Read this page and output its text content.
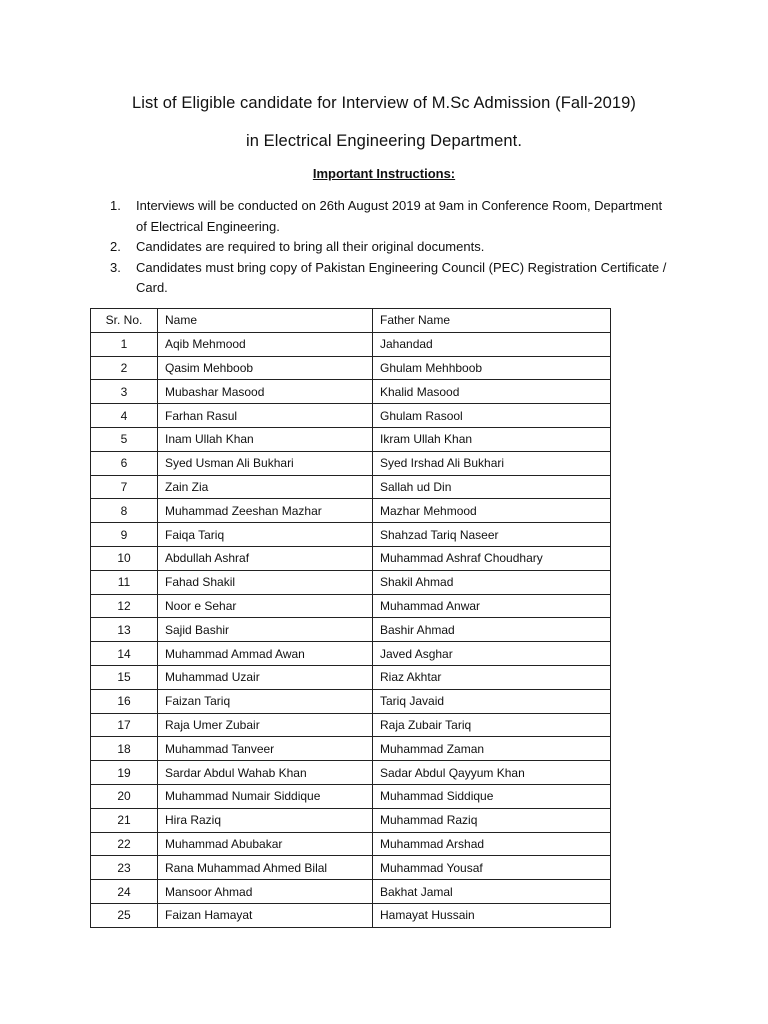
List of Eligible candidate for Interview of M.Sc Admission (Fall-2019)
in Electrical Engineering Department.
Important Instructions:
1.	Interviews will be conducted on 26th August 2019 at 9am in Conference Room, Department of Electrical Engineering.
2.	Candidates are required to bring all their original documents.
3.	Candidates must bring copy of Pakistan Engineering Council (PEC) Registration Certificate / Card.
Sr. No.	Name	Father Name
1	Aqib Mehmood	Jahandad
2	Qasim Mehboob	Ghulam Mehhboob
3	Mubashar Masood	Khalid Masood
4	Farhan Rasul	Ghulam Rasool
5	Inam Ullah Khan	Ikram Ullah Khan
6	Syed Usman Ali Bukhari	Syed Irshad Ali Bukhari
7	Zain Zia	Sallah ud Din
8	Muhammad Zeeshan Mazhar	Mazhar Mehmood
9	Faiqa Tariq	Shahzad Tariq Naseer
10	Abdullah Ashraf	Muhammad Ashraf Choudhary
11	Fahad Shakil	Shakil Ahmad
12	Noor e Sehar	Muhammad Anwar
13	Sajid Bashir	Bashir Ahmad
14	Muhammad Ammad Awan	Javed Asghar
15	Muhammad Uzair	Riaz Akhtar
16	Faizan Tariq	Tariq Javaid
17	Raja Umer Zubair	Raja Zubair Tariq
18	Muhammad Tanveer	Muhammad Zaman
19	Sardar Abdul Wahab Khan	Sadar Abdul Qayyum Khan
20	Muhammad Numair Siddique	Muhammad Siddique
21	Hira Raziq	Muhammad Raziq
22	Muhammad Abubakar	Muhammad Arshad
23	Rana Muhammad Ahmed Bilal	Muhammad Yousaf
24	Mansoor Ahmad	Bakhat Jamal
25	Faizan Hamayat	Hamayat Hussain
